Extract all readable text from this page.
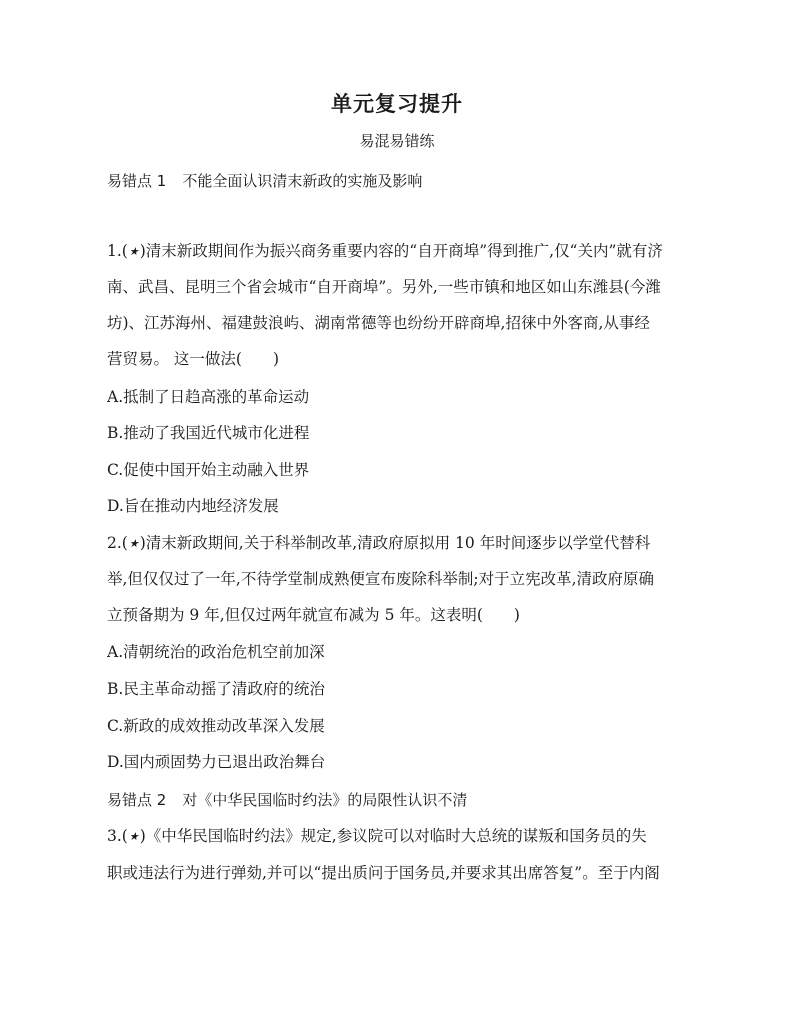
单元复习提升
易混易错练
易错点 1 不能全面认识清末新政的实施及影响
1.(★)清末新政期间作为振兴商务重要内容的“自开商埠”得到推广,仅“关内”就有济
南、武昌、昆明三个省会城市“自开商埠”。另外,一些市镇和地区如山东潍县(今潍
坊)、江苏海州、福建鼓浪屿、湖南常德等也纷纷开辟商埠,招徕中外客商,从事经
营贸易。 这一做法(　　)
A.抵制了日趋高涨的革命运动
B.推动了我国近代城市化进程
C.促使中国开始主动融入世界
D.旨在推动内地经济发展
2.(★)清末新政期间,关于科举制改革,清政府原拟用 10 年时间逐步以学堂代替科
举,但仅仅过了一年,不待学堂制成熟便宣布废除科举制;对于立宪改革,清政府原确
立预备期为 9 年,但仅过两年就宣布减为 5 年。这表明(　　)
A.清朝统治的政治危机空前加深
B.民主革命动摇了清政府的统治
C.新政的成效推动改革深入发展
D.国内顽固势力已退出政治舞台
易错点 2 对《中华民国临时约法》的局限性认识不清
3.(★)《中华民国临时约法》规定,参议院可以对临时大总统的谋叛和国务员的失
职或违法行为进行弹劾,并可以“提出质问于国务员,并要求其出席答复”。至于内阁
